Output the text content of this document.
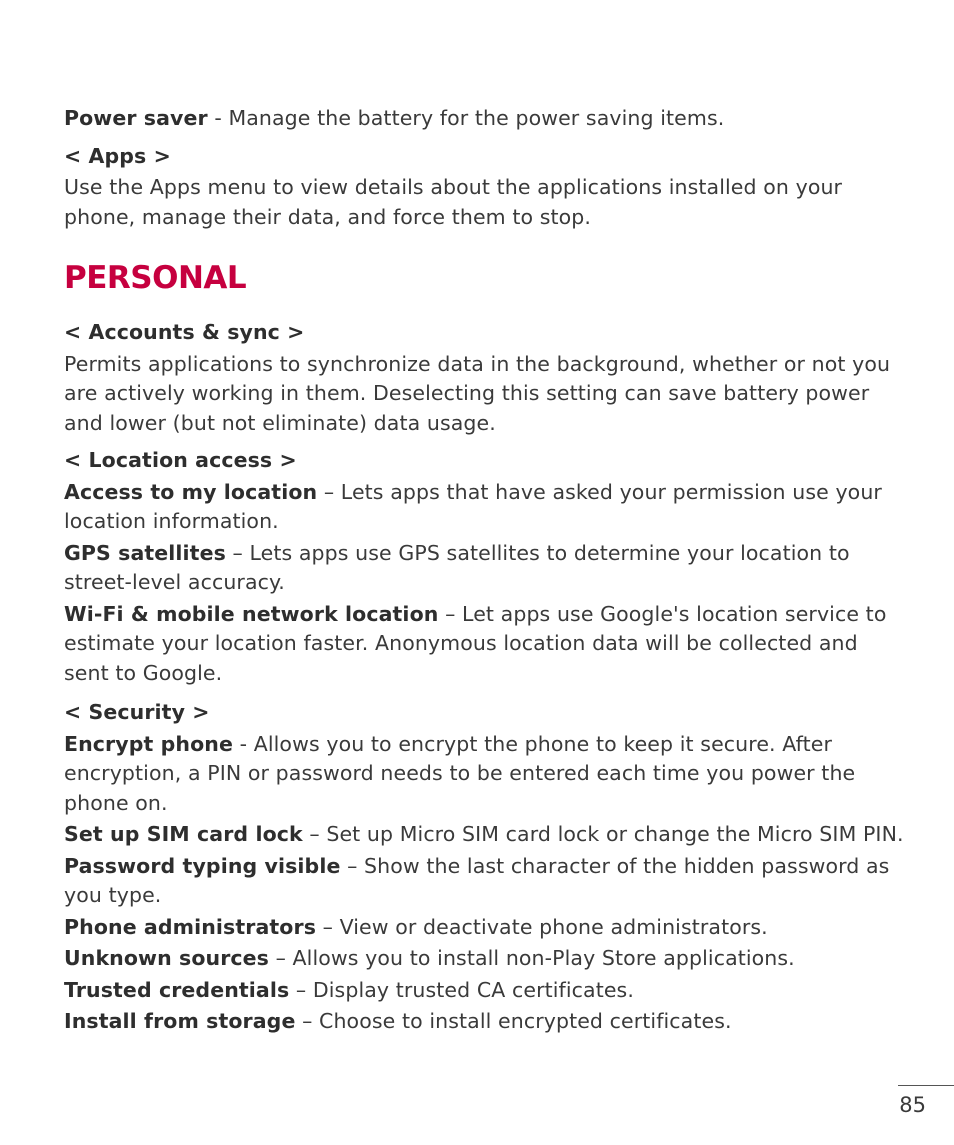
Power saver - Manage the battery for the power saving items.

< Apps >

Use the Apps menu to view details about the applications installed on your phone, manage their data, and force them to stop.

PERSONAL

< Accounts & sync >

Permits applications to synchronize data in the background, whether or not you are actively working in them. Deselecting this setting can save battery power and lower (but not eliminate) data usage.

< Location access >

Access to my location – Lets apps that have asked your permission use your location information.

GPS satellites – Lets apps use GPS satellites to determine your location to street-level accuracy.

Wi-Fi & mobile network location – Let apps use Google's location service to estimate your location faster. Anonymous location data will be collected and sent to Google.

< Security >

Encrypt phone - Allows you to encrypt the phone to keep it secure. After encryption, a PIN or password needs to be entered each time you power the phone on.

Set up SIM card lock – Set up Micro SIM card lock or change the Micro SIM PIN.

Password typing visible – Show the last character of the hidden password as you type.

Phone administrators – View or deactivate phone administrators.

Unknown sources – Allows you to install non-Play Store applications.

Trusted credentials – Display trusted CA certificates.

Install from storage – Choose to install encrypted certificates.

85
